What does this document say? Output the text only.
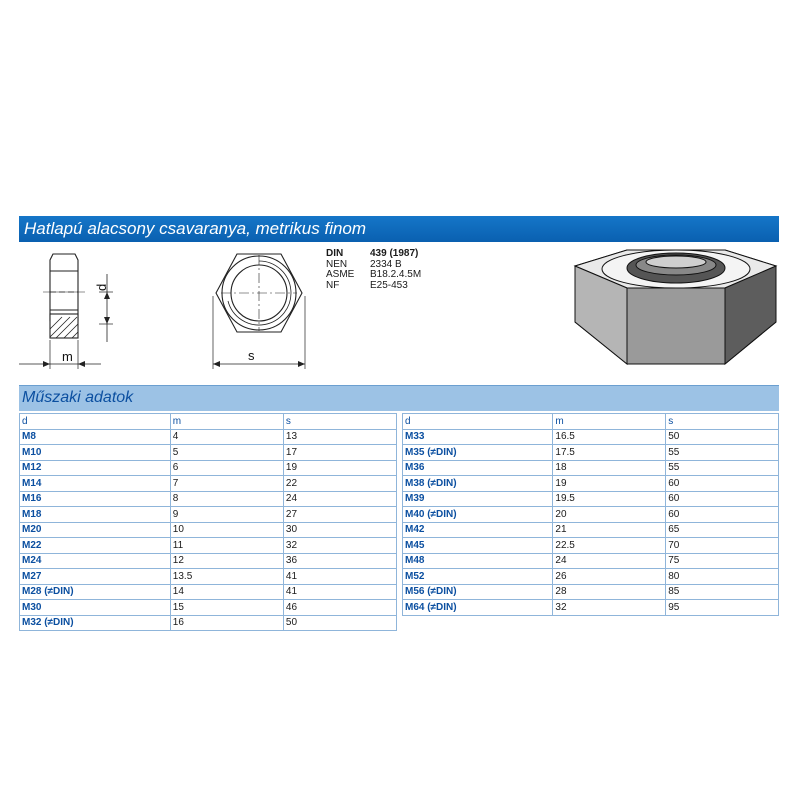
Hatlapú alacsony csavaranya, metrikus finom
m
d
s
DIN	439 (1987)
NEN	2334 B
ASME	B18.2.4.5M
NF	E25-453
Műszaki adatok
d	m	s
M8	4	13
M10	5	17
M12	6	19
M14	7	22
M16	8	24
M18	9	27
M20	10	30
M22	11	32
M24	12	36
M27	13.5	41
M28 (≠DIN)	14	41
M30	15	46
M32 (≠DIN)	16	50
d	m	s
M33	16.5	50
M35 (≠DIN)	17.5	55
M36	18	55
M38 (≠DIN)	19	60
M39	19.5	60
M40 (≠DIN)	20	60
M42	21	65
M45	22.5	70
M48	24	75
M52	26	80
M56 (≠DIN)	28	85
M64 (≠DIN)	32	95
